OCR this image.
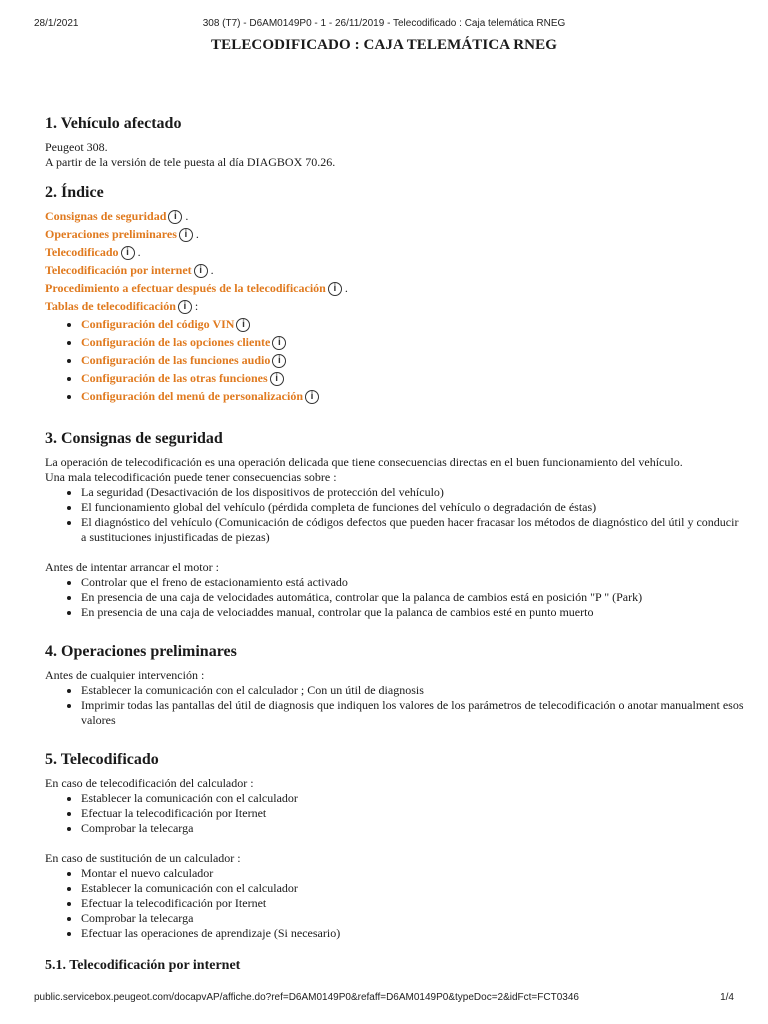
28/1/2021	308 (T7) - D6AM0149P0 - 1 - 26/11/2019 - Telecodificado : Caja telemática RNEG
TELECODIFICADO : CAJA TELEMÁTICA RNEG
1. Vehículo afectado

Peugeot 308.

A partir de la versión de tele puesta al día DIAGBOX 70.26.

2. Índice
Consignas de seguridad i .
Operaciones preliminares i .
Telecodificado i .
Telecodificación por internet i .
Procedimiento a efectuar después de la telecodificación i .
Tablas de telecodificación i :
• Configuración del código VIN i
• Configuración de las opciones cliente i
• Configuración de las funciones audio i
• Configuración de las otras funciones i
• Configuración del menú de personalización i
3. Consignas de seguridad

La operación de telecodificación es una operación delicada que tiene consecuencias directas en el buen funcionamiento del vehículo.

Una mala telecodificación puede tener consecuencias sobre :

• La seguridad (Desactivación de los dispositivos de protección del vehículo)
• El funcionamiento global del vehículo (pérdida completa de funciones del vehículo o degradación de éstas)
• El diagnóstico del vehículo (Comunicación de códigos defectos que pueden hacer fracasar los métodos de diagnóstico del útil y conducir a sustituciones injustificadas de piezas)

Antes de intentar arrancar el motor :

• Controlar que el freno de estacionamiento está activado
• En presencia de una caja de velocidades automática, controlar que la palanca de cambios está en posición "P " (Park)
• En presencia de una caja de velociaddes manual, controlar que la palanca de cambios esté en punto muerto
4. Operaciones preliminares

Antes de cualquier intervención :

• Establecer la comunicación con el calculador ; Con un útil de diagnosis
• Imprimir todas las pantallas del útil de diagnosis que indiquen los valores de los parámetros de telecodificación o anotar manualment esos valores
5. Telecodificado

En caso de telecodificación del calculador :

• Establecer la comunicación con el calculador
• Efectuar la telecodificación por Iternet
• Comprobar la telecarga

En caso de sustitución de un calculador :

• Montar el nuevo calculador
• Establecer la comunicación con el calculador
• Efectuar la telecodificación por Iternet
• Comprobar la telecarga
• Efectuar las operaciones de aprendizaje (Si necesario)
5.1. Telecodificación por internet
public.servicebox.peugeot.com/docapvAP/affiche.do?ref=D6AM0149P0&refaff=D6AM0149P0&typeDoc=2&idFct=FCT0346	1/4
